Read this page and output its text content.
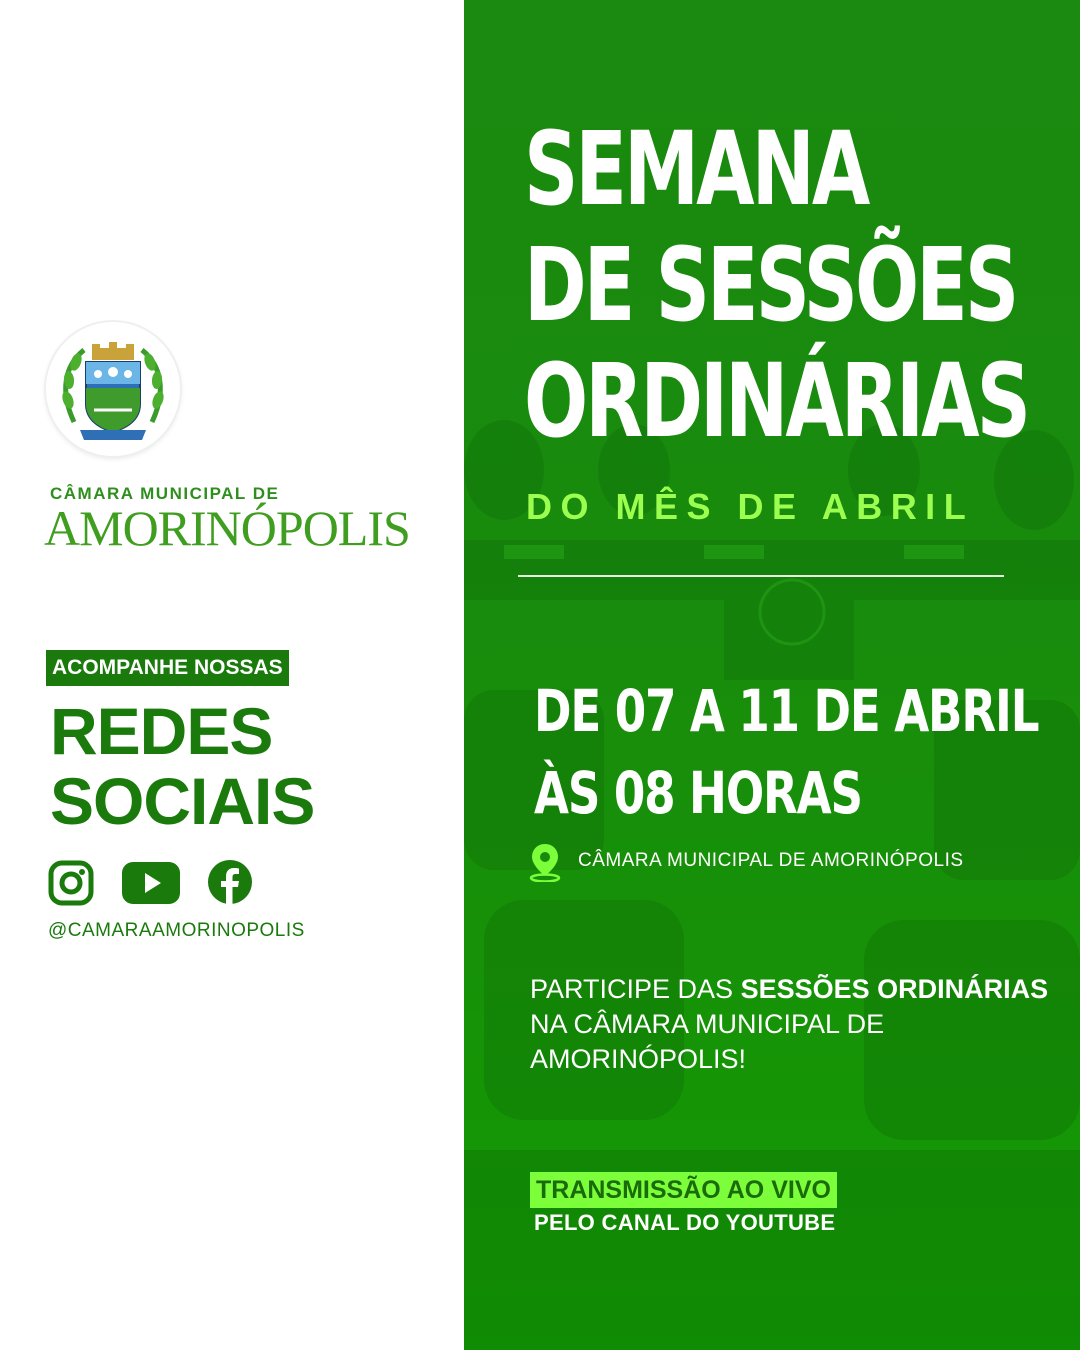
CÂMARA MUNICIPAL DE
AMORINÓPOLIS
ACOMPANHE NOSSAS
REDES
SOCIAIS
@CAMARAAMORINOPOLIS
SEMANA
DE SESSÕES
ORDINÁRIAS
DO MÊS DE ABRIL
DE 07 A 11 DE ABRIL
ÀS 08 HORAS
CÂMARA MUNICIPAL DE AMORINÓPOLIS
PARTICIPE DAS SESSÕES ORDINÁRIAS NA CÂMARA MUNICIPAL DE AMORINÓPOLIS!
TRANSMISSÃO AO VIVO
PELO CANAL DO YOUTUBE
